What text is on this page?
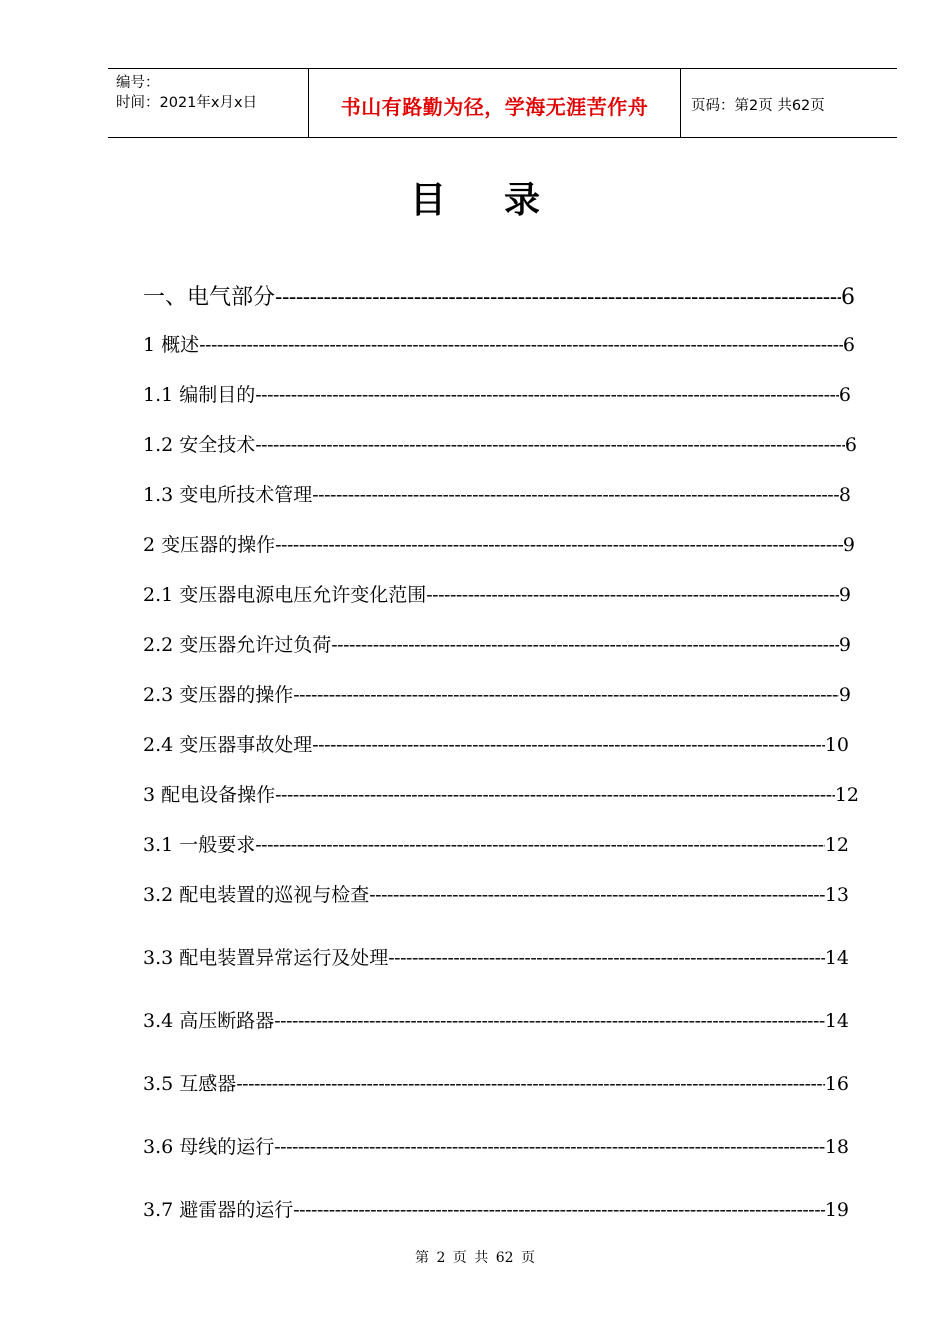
编号：
时间：2021年x月x日	书山有路勤为径，学海无涯苦作舟	页码：第2页 共62页
目录
一、电气部分 -----	6
1 概述 -----	6
1.1 编制目的 -----	6
1.2 安全技术 -----	6
1.3 变电所技术管理 -----	8
2 变压器的操作 -----	9
2.1 变压器电源电压允许变化范围 -----	9
2.2 变压器允许过负荷 -----	9
2.3 变压器的操作 -----	9
2.4 变压器事故处理 -----	10
3 配电设备操作 -----	12
3.1 一般要求 -----	12
3.2 配电装置的巡视与检查 -----	13
3.3 配电装置异常运行及处理 -----	14
3.4 高压断路器 -----	14
3.5 互感器 -----	16
3.6 母线的运行 -----	18
3.7 避雷器的运行 -----	19
第 2 页 共 62 页
